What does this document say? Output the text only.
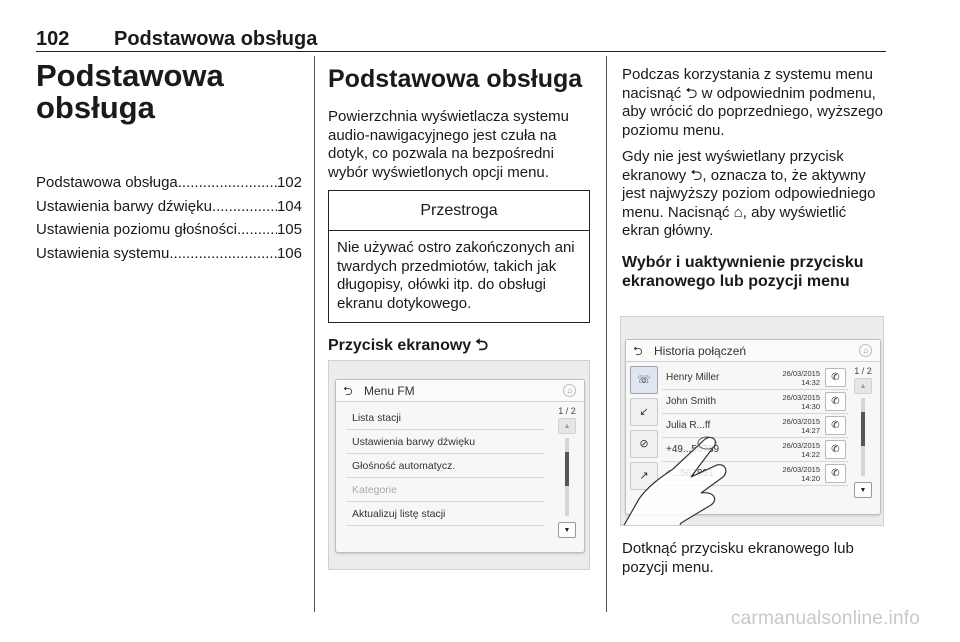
102 Podstawowa obsługa
Podstawowa obsługa
Podstawowa obsługa .....	102
Ustawienia barwy dźwięku .....	104
Ustawienia poziomu głośności .....	105
Ustawienia systemu .....	106
Podstawowa obsługa

Powierzchnia wyświetlacza systemu audio-nawigacyjnego jest czuła na dotyk, co pozwala na bezpośredni wybór wyświetlonych opcji menu.

Przestroga

Nie używać ostro zakończonych ani twardych przedmiotów, takich jak długopisy, ołówki itp. do obsługi ekranu dotykowego.

Przycisk ekranowy ⮌
⮌ Menu FM	♫
Lista stacji
Ustawienia barwy dźwięku
Głośność automatycz.
Kategorie
Aktualizuj listę stacji
1 / 2
▲
▼

Podczas korzystania z systemu menu nacisnąć ⮌ w odpowiednim podmenu, aby wrócić do poprzedniego, wyższego poziomu menu.

Gdy nie jest wyświetlany przycisk ekranowy ⮌, oznacza to, że aktywny jest najwyższy poziom odpowiedniego menu. Nacisnąć ⌂, aby wyświetlić ekran główny.

Wybór i uaktywnienie przycisku ekranowego lub pozycji menu

Dotknąć przycisku ekranowego lub pozycji menu.

⮌ Historia połączeń	♫
☏
↙
⊘
↗
Henry Miller	26/03/2015
14:32	✆
John Smith	26/03/2015
14:30	✆
Julia R...ff	26/03/2015
14:27	✆
+49...56789	26/03/2015
14:22	✆
26/03/2015
14:20	✆
1 / 2
▲
▼
carmanualsonline.info
